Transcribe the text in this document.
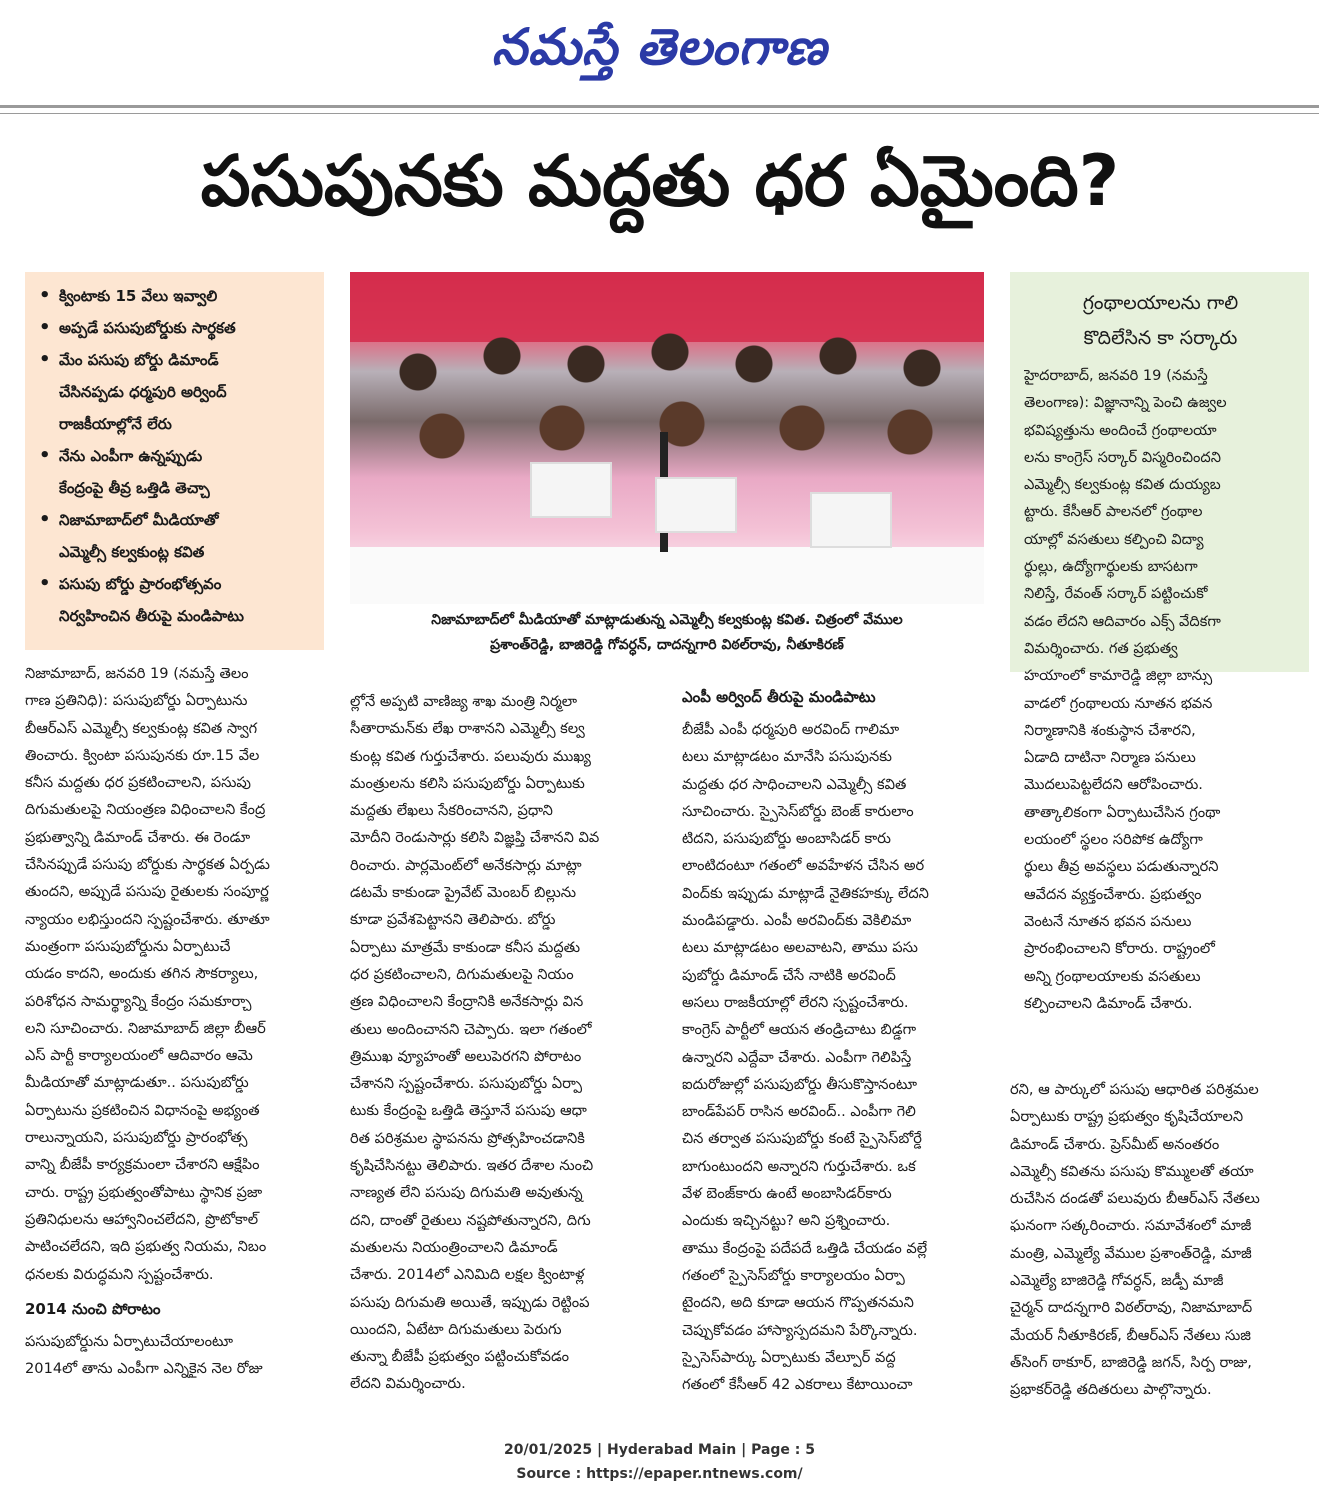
నమస్తే తెలంగాణ
పసుపునకు మద్దతు ధర ఏమైంది?

• క్వింటాకు 15 వేలు ఇవ్వాలి

• అప్పడే పసుపుబోర్డుకు సార్థకత

• మేం పసుపు బోర్డు డిమాండ్

చేసినప్పడు ధర్మపురి అర్వింద్

రాజకీయాల్లోనే లేరు

• నేను ఎంపీగా ఉన్నప్పుడు

కేంద్రంపై తీవ్ర ఒత్తిడి తెచ్చా

• నిజామాబాద్‌లో మీడియాతో

ఎమ్మెల్సీ కల్వకుంట్ల కవిత

• పసుపు బోర్డు ప్రారంభోత్సవం

నిర్వహించిన తీరుపై మండిపాటు	నిజామాబాద్‌లో మీడియాతో మాట్లాడుతున్న ఎమ్మెల్సీ కల్వకుంట్ల కవిత. చిత్రంలో వేముల
ప్రశాంత్‌రెడ్డి, బాజిరెడ్డి గోవర్ధన్, దాదన్నగారి విఠల్‌రావు, నీతూకిరణ్

గ్రంథాలయాలను గాలి

కొదిలేసిన కా సర్కారు

హైదరాబాద్, జనవరి 19 (నమస్తే
తెలంగాణ): విజ్ఞానాన్ని పెంచి ఉజ్వల
భవిష్యత్తును అందించే గ్రంథాలయా
లను కాంగ్రెస్ సర్కార్ విస్మరించిందని
ఎమ్మెల్సీ కల్వకుంట్ల కవిత దుయ్యబ
ట్టారు. కేసీఆర్ పాలనలో గ్రంథాల
యాల్లో వసతులు కల్పించి విద్యా
ర్థుల్లు, ఉద్యోగార్థులకు బాసటగా
నిలిస్తే, రేవంత్ సర్కార్ పట్టించుకో
వడం లేదని ఆదివారం ఎక్స్ వేదికగా
విమర్శించారు. గత ప్రభుత్వ
హయాంలో కామారెడ్డి జిల్లా బాన్సు
వాడలో గ్రంథాలయ నూతన భవన
నిర్మాణానికి శంకుస్థాన చేశారని,
ఏడాది దాటినా నిర్మాణ పనులు
మొదలుపెట్టలేదని ఆరోపించారు.
తాత్కాలికంగా ఏర్పాటుచేసిన గ్రంథా
లయంలో స్థలం సరిపోక ఉద్యోగా
ర్థులు తీవ్ర అవస్థలు పడుతున్నారని
ఆవేదన వ్యక్తంచేశారు. ప్రభుత్వం
వెంటనే నూతన భవన పనులు
ప్రారంభించాలని కోరారు. రాష్ట్రంలో
అన్ని గ్రంథాలయాలకు వసతులు
కల్పించాలని డిమాండ్ చేశారు.
నిజామాబాద్, జనవరి 19 (నమస్తే తెలం
గాణ ప్రతినిధి): పసుపుబోర్డు ఏర్పాటును
బీఆర్ఎస్ ఎమ్మెల్సీ కల్వకుంట్ల కవిత స్వాగ
తించారు. క్వింటా పసుపునకు రూ.15 వేల
కనీస మద్దతు ధర ప్రకటించాలని, పసుపు
దిగుమతులపై నియంత్రణ విధించాలని కేంద్ర
ప్రభుత్వాన్ని డిమాండ్ చేశారు. ఈ రెండూ
చేసినప్పుడే పసుపు బోర్డుకు సార్థకత ఏర్పడు
తుందని, అప్పుడే పసుపు రైతులకు సంపూర్ణ
న్యాయం లభిస్తుందని స్పష్టంచేశారు. తూతూ
మంత్రంగా పసుపుబోర్డును ఏర్పాటుచే
యడం కాదని, అందుకు తగిన సౌకర్యాలు,
పరిశోధన సామర్థ్యాన్ని కేంద్రం సమకూర్చా
లని సూచించారు. నిజామాబాద్ జిల్లా బీఆర్
ఎస్ పార్టీ కార్యాలయంలో ఆదివారం ఆమె
మీడియాతో మాట్లాడుతూ.. పసుపుబోర్డు
ఏర్పాటును ప్రకటించిన విధానంపై అభ్యంత
రాలున్నాయని, పసుపుబోర్డు ప్రారంభోత్స
వాన్ని బీజేపీ కార్యక్రమంలా చేశారని ఆక్షేపిం
చారు. రాష్ట్ర ప్రభుత్వంతోపాటు స్థానిక ప్రజా
ప్రతినిధులను ఆహ్వానించలేదని, ప్రొటోకాల్
పాటించలేదని, ఇది ప్రభుత్వ నియమ, నిబం
ధనలకు విరుద్ధమని స్పష్టంచేశారు.
2014 నుంచి పోరాటం
పసుపుబోర్డును ఏర్పాటుచేయాలంటూ
2014లో తాను ఎంపీగా ఎన్నికైన నెల రోజు
ల్లోనే అప్పటి వాణిజ్య శాఖ మంత్రి నిర్మలా
సీతారామన్‌కు లేఖ రాశానని ఎమ్మెల్సీ కల్వ
కుంట్ల కవిత గుర్తుచేశారు. పలువురు ముఖ్య
మంత్రులను కలిసి పసుపుబోర్డు ఏర్పాటుకు
మద్దతు లేఖలు సేకరించానని, ప్రధాని
మోదీని రెండుసార్లు కలిసి విజ్ఞప్తి చేశానని వివ
రించారు. పార్లమెంట్‌లో అనేకసార్లు మాట్లా
డటమే కాకుండా ప్రైవేట్ మెంబర్ బిల్లును
కూడా ప్రవేశపెట్టానని తెలిపారు. బోర్డు
ఏర్పాటు మాత్రమే కాకుండా కనీస మద్దతు
ధర ప్రకటించాలని, దిగుమతులపై నియం
త్రణ విధించాలని కేంద్రానికి అనేకసార్లు విన
తులు అందించానని చెప్పారు. ఇలా గతంలో
త్రిముఖ వ్యూహంతో అలుపెరగని పోరాటం
చేశానని స్పష్టంచేశారు. పసుపుబోర్డు ఏర్పా
టుకు కేంద్రంపై ఒత్తిడి తెస్తూనే పసుపు ఆధా
రిత పరిశ్రమల స్థాపనను ప్రోత్సహించడానికి
కృషిచేసినట్టు తెలిపారు. ఇతర దేశాల నుంచి
నాణ్యత లేని పసుపు దిగుమతి అవుతున్న
దని, దాంతో రైతులు నష్టపోతున్నారని, దిగు
మతులను నియంత్రించాలని డిమాండ్
చేశారు. 2014లో ఎనిమిది లక్షల క్వింటాళ్ల
పసుపు దిగుమతి అయితే, ఇప్పుడు రెట్టింప
యిందని, ఏటేటా దిగుమతులు పెరుగు
తున్నా బీజేపీ ప్రభుత్వం పట్టించుకోవడం
లేదని విమర్శించారు.
ఎంపీ అర్వింద్ తీరుపై మండిపాటు
బీజేపీ ఎంపీ ధర్మపురి అరవింద్ గాలిమా
టలు మాట్లాడటం మానేసి పసుపునకు
మద్దతు ధర సాధించాలని ఎమ్మెల్సీ కవిత
సూచించారు. స్పైసెస్‌బోర్డు బెంజ్ కారులాం
టిదని, పసుపుబోర్డు అంబాసిడర్ కారు
లాంటిదంటూ గతంలో అవహేళన చేసిన అర
వింద్‌కు ఇప్పుడు మాట్లాడే నైతికహక్కు లేదని
మండిపడ్డారు. ఎంపీ అరవింద్‌కు వెకిలిమా
టలు మాట్లాడటం అలవాటని, తాము పసు
పుబోర్డు డిమాండ్ చేసే నాటికి అరవింద్
అసలు రాజకీయాల్లో లేరని స్పష్టంచేశారు.
కాంగ్రెస్ పార్టీలో ఆయన తండ్రిచాటు బిడ్డగా
ఉన్నారని ఎద్దేవా చేశారు. ఎంపీగా గెలిపిస్తే
ఐదురోజుల్లో పసుపుబోర్డు తీసుకొస్తానంటూ
బాండ్‌పేపర్ రాసిన అరవింద్.. ఎంపీగా గెలి
చిన తర్వాత పసుపుబోర్డు కంటే స్పైసెస్‌బోర్డే
బాగుంటుందని అన్నారని గుర్తుచేశారు. ఒక
వేళ బెంజ్‌కారు ఉంటే అంబాసిడర్‌కారు
ఎందుకు ఇచ్చినట్టు? అని ప్రశ్నించారు.
తాము కేంద్రంపై పదేపదే ఒత్తిడి చేయడం వల్లే
గతంలో స్పైసెస్‌బోర్డు కార్యాలయం ఏర్పా
టైందని, అది కూడా ఆయన గొప్పతనమని
చెప్పుకోవడం హాస్యాస్పదమని పేర్కొన్నారు.
స్పైసెస్‌పార్కు ఏర్పాటుకు వేల్పూర్ వద్ద
గతంలో కేసీఆర్ 42 ఎకరాలు కేటాయించా
రని, ఆ పార్కులో పసుపు ఆధారిత పరిశ్రమల
ఏర్పాటుకు రాష్ట్ర ప్రభుత్వం కృషిచేయాలని
డిమాండ్ చేశారు. ప్రెస్‌మీట్ అనంతరం
ఎమ్మెల్సీ కవితను పసుపు కొమ్ములతో తయా
రుచేసిన దండతో పలువురు బీఆర్ఎస్ నేతలు
ఘనంగా సత్కరించారు. సమావేశంలో మాజీ
మంత్రి, ఎమ్మెల్యే వేముల ప్రశాంత్‌రెడ్డి, మాజీ
ఎమ్మెల్యే బాజిరెడ్డి గోవర్ధన్, జడ్పీ మాజీ
చైర్మన్ దాదన్నగారి విఠల్‌రావు, నిజామాబాద్
మేయర్ నీతూకిరణ్, బీఆర్ఎస్ నేతలు సుజి
త్‌సింగ్ ఠాకూర్, బాజిరెడ్డి జగన్, సిర్ప రాజు,
ప్రభాకర్‌రెడ్డి తదితరులు పాల్గొన్నారు.
20/01/2025 | Hyderabad Main | Page : 5
Source : https://epaper.ntnews.com/
